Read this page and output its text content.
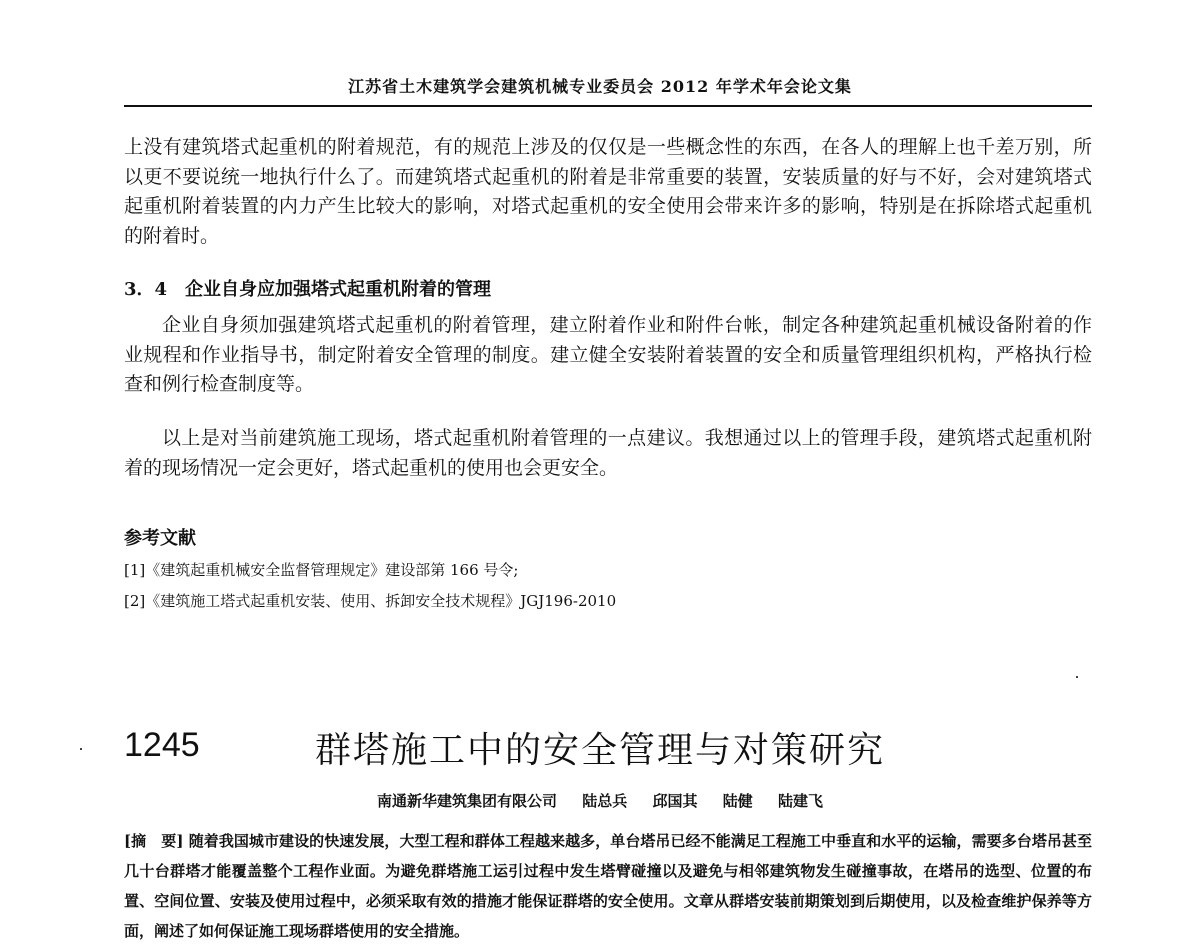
江苏省土木建筑学会建筑机械专业委员会 2012 年学术年会论文集

上没有建筑塔式起重机的附着规范，有的规范上涉及的仅仅是一些概念性的东西，在各人的理解上也千差万别，所以更不要说统一地执行什么了。而建筑塔式起重机的附着是非常重要的装置，安装质量的好与不好，会对建筑塔式起重机附着装置的内力产生比较大的影响，对塔式起重机的安全使用会带来许多的影响，特别是在拆除塔式起重机的附着时。

3．4　企业自身应加强塔式起重机附着的管理

企业自身须加强建筑塔式起重机的附着管理，建立附着作业和附件台帐，制定各种建筑起重机械设备附着的作业规程和作业指导书，制定附着安全管理的制度。建立健全安装附着装置的安全和质量管理组织机构，严格执行检查和例行检查制度等。

以上是对当前建筑施工现场，塔式起重机附着管理的一点建议。我想通过以上的管理手段，建筑塔式起重机附着的现场情况一定会更好，塔式起重机的使用也会更安全。

参考文献
[1]《建筑起重机械安全监督管理规定》建设部第 166 号令;
[2]《建筑施工塔式起重机安装、使用、拆卸安全技术规程》JGJ196-2010
1245	群塔施工中的安全管理与对策研究
南通新华建筑集团有限公司 陆总兵 邱国其 陆健 陆建飞

[摘　要] 随着我国城市建设的快速发展，大型工程和群体工程越来越多，单台塔吊已经不能满足工程施工中垂直和水平的运输，需要多台塔吊甚至几十台群塔才能覆盖整个工程作业面。为避免群塔施工运引过程中发生塔臂碰撞以及避免与相邻建筑物发生碰撞事故，在塔吊的选型、位置的布置、空间位置、安装及使用过程中，必须采取有效的措施才能保证群塔的安全使用。文章从群塔安装前期策划到后期使用，以及检查维护保养等方面，阐述了如何保证施工现场群塔使用的安全措施。
